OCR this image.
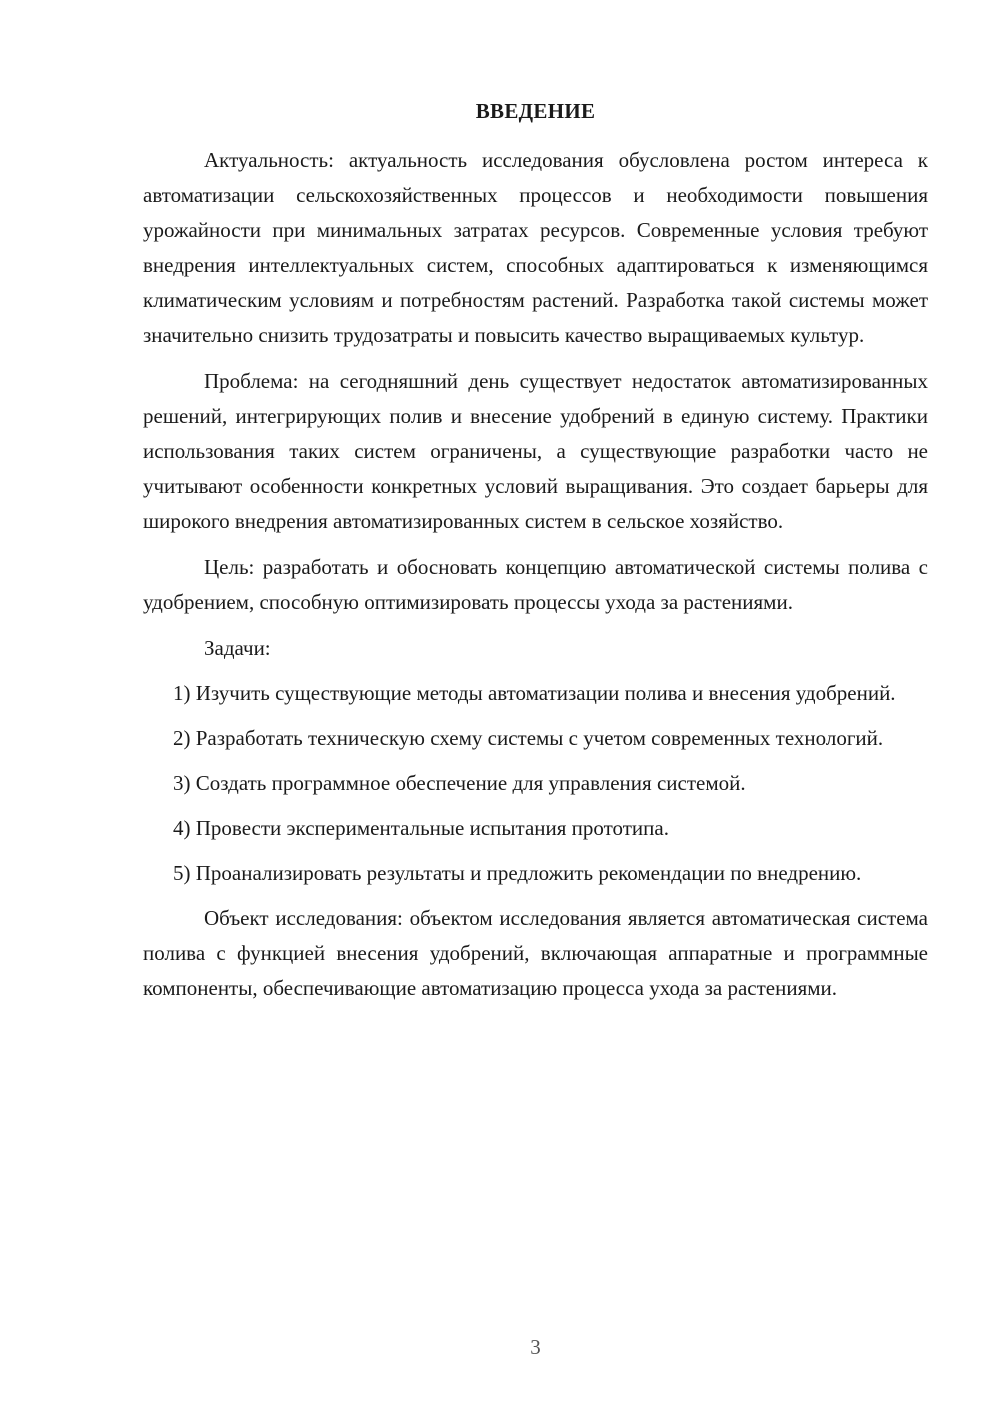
ВВЕДЕНИЕ

Актуальность: актуальность исследования обусловлена ростом интереса к автоматизации сельскохозяйственных процессов и необходимости повышения урожайности при минимальных затратах ресурсов. Современные условия требуют внедрения интеллектуальных систем, способных адаптироваться к изменяющимся климатическим условиям и потребностям растений. Разработка такой системы может значительно снизить трудозатраты и повысить качество выращиваемых культур.

Проблема: на сегодняшний день существует недостаток автоматизированных решений, интегрирующих полив и внесение удобрений в единую систему. Практики использования таких систем ограничены, а существующие разработки часто не учитывают особенности конкретных условий выращивания. Это создает барьеры для широкого внедрения автоматизированных систем в сельское хозяйство.

Цель: разработать и обосновать концепцию автоматической системы полива с удобрением, способную оптимизировать процессы ухода за растениями.

Задачи:

1) Изучить существующие методы автоматизации полива и внесения удобрений.

2) Разработать техническую схему системы с учетом современных технологий.

3) Создать программное обеспечение для управления системой.

4) Провести экспериментальные испытания прототипа.

5) Проанализировать результаты и предложить рекомендации по внедрению.

Объект исследования: объектом исследования является автоматическая система полива с функцией внесения удобрений, включающая аппаратные и программные компоненты, обеспечивающие автоматизацию процесса ухода за растениями.

3
